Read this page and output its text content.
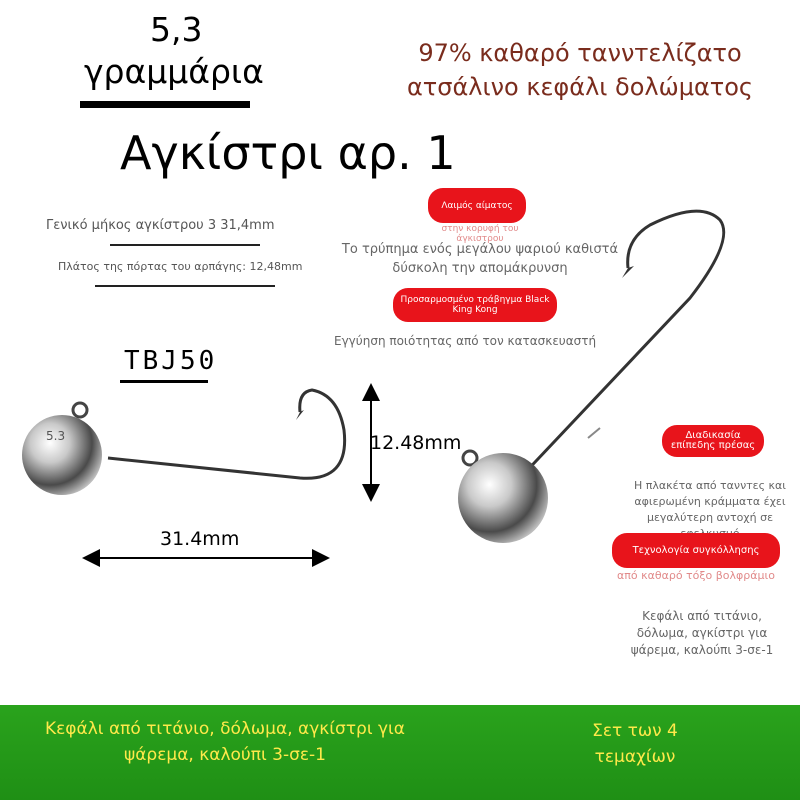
5.3
5,3
γραμμάρια	97% καθαρό ταννтελίζατο ατσάλινο κεφάλι δολώματος
Αγκίστρι αρ. 1
Γενικό μήκος αγκίστρου 3 31,4mm
Πλάτος της πόρτας του αρπάγης: 12,48mm
TBJ50
12.48mm
31.4mm
Λαιμός αίματος
στην κορυφή του άγκιστρου
Το τρύπημα ενός μεγάλου ψαριού καθιστά δύσκολη την απομάκρυνση
Προσαρμοσμένο τράβηγμα Black King Kong
Εγγύηση ποιότητας από τον κατασκευαστή
Διαδικασία επίπεδης πρέσας
Η πλακέτα από ταννтες και αφιερωμένη κράμματα έχει μεγαλύτερη αντοχή σε
Τεχνολογία συγκόλλησης
από καθαρό τόξο βολφράμιο
Κεφάλι από τιτάνιο, δόλωμα, αγκίστρι για ψάρεμα, καλούπι 3-σε-1
Κεφάλι από τιτάνιο, δόλωμα, αγκίστρι για ψάρεμα, καλούπι 3-σε-1
Σετ των 4 τεμαχίων
